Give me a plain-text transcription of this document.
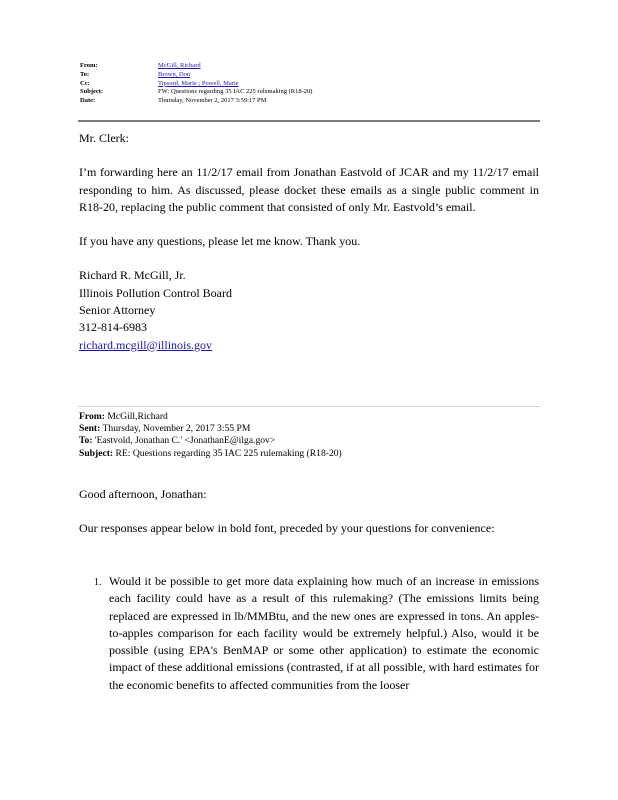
From:	McGill, Richard
To:	Brown, Don
Cc:	Tipsord, Marie ; Powell, Marie
Subject:	FW: Questions regarding 35 IAC 225 rulemaking (R18-20)
Date:	Thursday, November 2, 2017 3:59:17 PM

Mr. Clerk:

I’m forwarding here an 11/2/17 email from Jonathan Eastvold of JCAR and my 11/2/17 email responding to him. As discussed, please docket these emails as a single public comment in R18-20, replacing the public comment that consisted of only Mr. Eastvold’s email.

If you have any questions, please let me know. Thank you.

Richard R. McGill, Jr.
Illinois Pollution Control Board
Senior Attorney
312-814-6983
richard.mcgill@illinois.gov
From: McGill,Richard
Sent: Thursday, November 2, 2017 3:55 PM
To: 'Eastvold, Jonathan C.' <JonathanE@ilga.gov>
Subject: RE: Questions regarding 35 IAC 225 rulemaking (R18-20)

Good afternoon, Jonathan:

Our responses appear below in bold font, preceded by your questions for convenience:

1. Would it be possible to get more data explaining how much of an increase in emissions each facility could have as a result of this rulemaking? (The emissions limits being replaced are expressed in lb/MMBtu, and the new ones are expressed in tons. An apples-to-apples comparison for each facility would be extremely helpful.) Also, would it be possible (using EPA's BenMAP or some other application) to estimate the economic impact of these additional emissions (contrasted, if at all possible, with hard estimates for the economic benefits to affected communities from the looser
